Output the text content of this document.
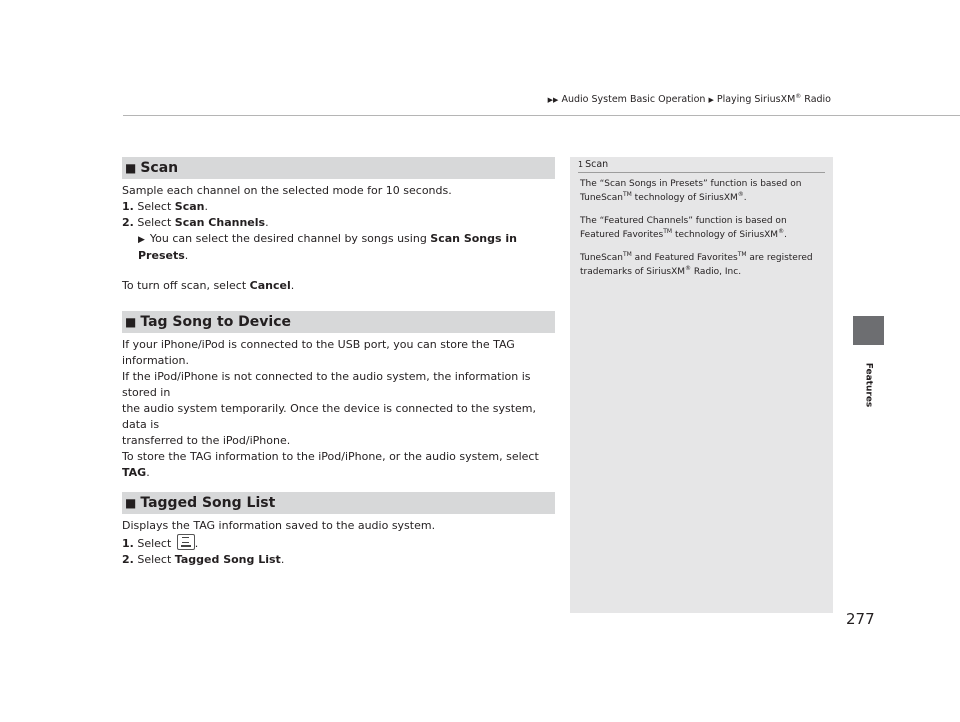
▶▶ Audio System Basic Operation ▶ Playing SiriusXM® Radio
Features
■ Scan

Sample each channel on the selected mode for 10 seconds.

1. Select Scan.

2. Select Scan Channels.

▶ You can select the desired channel by songs using Scan Songs in Presets.

To turn off scan, select Cancel.

■ Tag Song to Device

If your iPhone/iPod is connected to the USB port, you can store the TAG information.

If the iPod/iPhone is not connected to the audio system, the information is stored in

the audio system temporarily. Once the device is connected to the system, data is

transferred to the iPod/iPhone.

To store the TAG information to the iPod/iPhone, or the audio system, select TAG.

■ Tagged Song List

Displays the TAG information saved to the audio system.

1. Select .

2. Select Tagged Song List.

1 Scan

The “Scan Songs in Presets” function is based on
TuneScan™ technology of SiriusXM®.

The “Featured Channels” function is based on
Featured Favorites™ technology of SiriusXM®.

TuneScan™ and Featured Favorites™ are registered
trademarks of SiriusXM® Radio, Inc.

277
